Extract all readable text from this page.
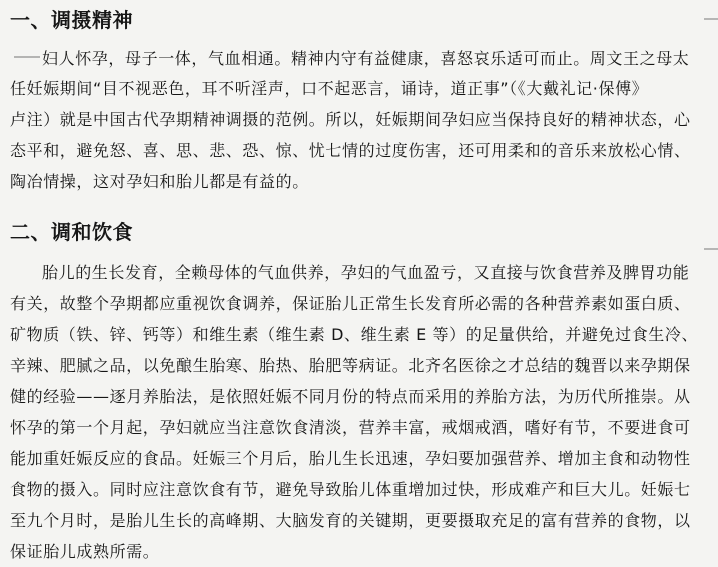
一、调摄精神
妇人怀孕，母子一体，气血相通。精神内守有益健康，喜怒哀乐适可而止。周文王之母太
任妊娠期间“目不视恶色，耳不听淫声，口不起恶言，诵诗，道正事”（《大戴礼记·保傅》
卢注）就是中国古代孕期精神调摄的范例。所以，妊娠期间孕妇应当保持良好的精神状态，心
态平和，避免怒、喜、思、悲、恐、惊、忧七情的过度伤害，还可用柔和的音乐来放松心情、
陶冶情操，这对孕妇和胎儿都是有益的。
二、调和饮食
胎儿的生长发育，全赖母体的气血供养，孕妇的气血盈亏，又直接与饮食营养及脾胃功能
有关，故整个孕期都应重视饮食调养，保证胎儿正常生长发育所必需的各种营养素如蛋白质、
矿物质（铁、锌、钙等）和维生素（维生素 D、维生素 E 等）的足量供给，并避免过食生冷、
辛辣、肥腻之品，以免酿生胎寒、胎热、胎肥等病证。北齐名医徐之才总结的魏晋以来孕期保
健的经验——逐月养胎法，是依照妊娠不同月份的特点而采用的养胎方法，为历代所推崇。从
怀孕的第一个月起，孕妇就应当注意饮食清淡，营养丰富，戒烟戒酒，嗜好有节，不要进食可
能加重妊娠反应的食品。妊娠三个月后，胎儿生长迅速，孕妇要加强营养、增加主食和动物性
食物的摄入。同时应注意饮食有节，避免导致胎儿体重增加过快，形成难产和巨大儿。妊娠七
至九个月时，是胎儿生长的高峰期、大脑发育的关键期，更要摄取充足的富有营养的食物，以
保证胎儿成熟所需。
